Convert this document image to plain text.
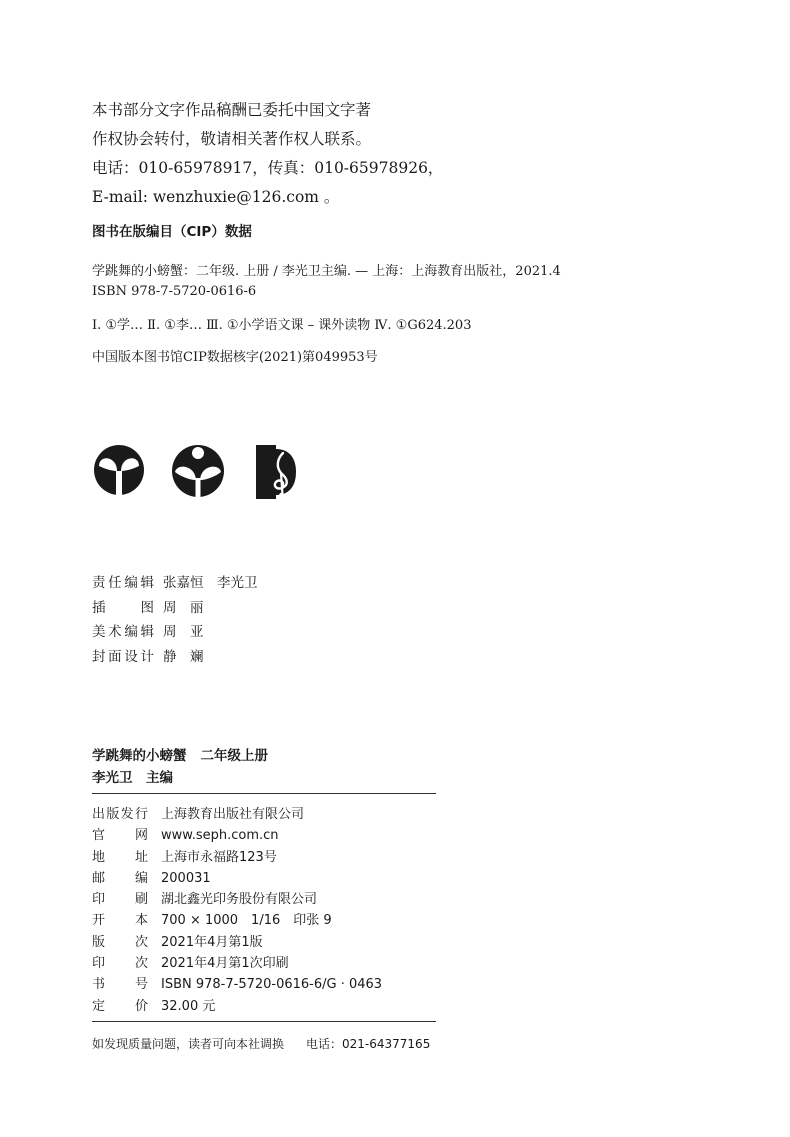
本书部分文字作品稿酬已委托中国文字著
作权协会转付，敬请相关著作权人联系。
电话：010-65978917，传真：010-65978926，
E-mail: wenzhuxie@126.com 。
图书在版编目（CIP）数据
学跳舞的小螃蟹：二年级. 上册 / 李光卫主编. — 上海：上海教育出版社，2021.4
ISBN 978-7-5720-0616-6
Ⅰ. ①学… Ⅱ. ①李… Ⅲ. ①小学语文课 – 课外读物 Ⅳ. ①G624.203
中国版本图书馆CIP数据核字(2021)第049953号
责任编辑 张嘉恒　李光卫
插图 周　丽
美术编辑 周　亚
封面设计 静　斓
学跳舞的小螃蟹 二年级上册
李光卫　主编
出版发行 上海教育出版社有限公司
官网 www.seph.com.cn
地址 上海市永福路123号
邮编 200031
印刷 湖北鑫光印务股份有限公司
开本 700 × 1000　1/16　印张 9
版次 2021年4月第1版
印次 2021年4月第1次印刷
书号 ISBN 978-7-5720-0616-6/G · 0463
定价 32.00 元
如发现质量问题，读者可向本社调换 电话：021-64377165
